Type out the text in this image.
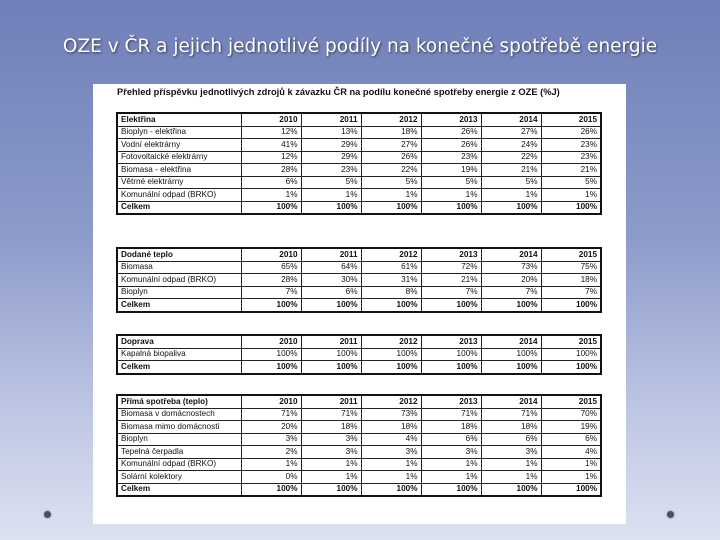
OZE v ČR a jejich jednotlivé podíly na konečné spotřebě energie
Přehled příspěvku jednotlivých zdrojů k závazku ČR na podílu konečné spotřeby energie z OZE (%J)
Elektřina	2010	2011	2012	2013	2014	2015
Bioplyn - elektřina	12%	13%	18%	26%	27%	26%
Vodní elektrárny	41%	29%	27%	26%	24%	23%
Fotovoltaické elektrárny	12%	29%	26%	23%	22%	23%
Biomasa - elektřina	28%	23%	22%	19%	21%	21%
Větrné elektrárny	6%	5%	5%	5%	5%	5%
Komunální odpad (BRKO)	1%	1%	1%	1%	1%	1%
Celkem	100%	100%	100%	100%	100%	100%
Dodané teplo	2010	2011	2012	2013	2014	2015
Biomasa	65%	64%	61%	72%	73%	75%
Komunální odpad (BRKO)	28%	30%	31%	21%	20%	18%
Bioplyn	7%	6%	8%	7%	7%	7%
Celkem	100%	100%	100%	100%	100%	100%
Doprava	2010	2011	2012	2013	2014	2015
Kapalná biopaliva	100%	100%	100%	100%	100%	100%
Celkem	100%	100%	100%	100%	100%	100%
Přímá spotřeba (teplo)	2010	2011	2012	2013	2014	2015
Biomasa v domácnostech	71%	71%	73%	71%	71%	70%
Biomasa mimo domácnosti	20%	18%	18%	18%	18%	19%
Bioplyn	3%	3%	4%	6%	6%	6%
Tepelná čerpadla	2%	3%	3%	3%	3%	4%
Komunální odpad (BRKO)	1%	1%	1%	1%	1%	1%
Solární kolektory	0%	1%	1%	1%	1%	1%
Celkem	100%	100%	100%	100%	100%	100%
